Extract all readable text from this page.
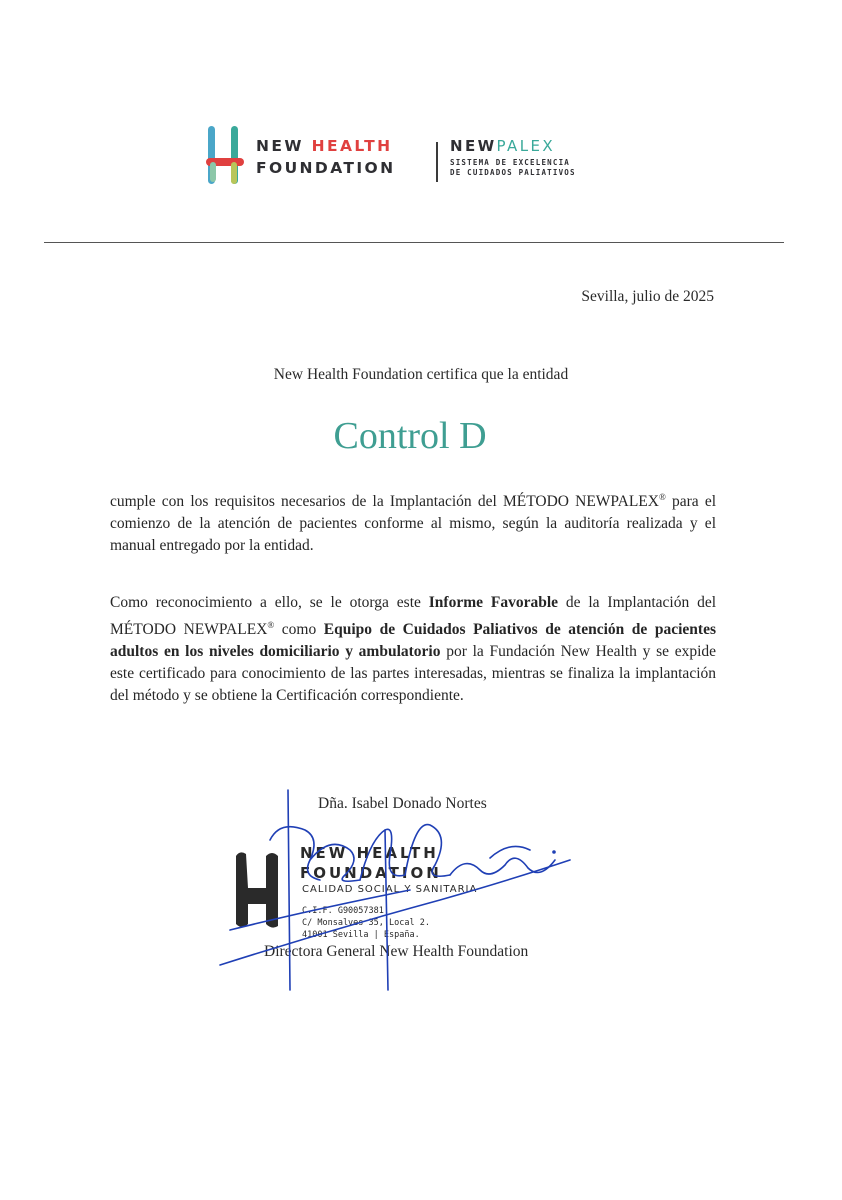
NEW HEALTH
FOUNDATION
NEWPALEX
SISTEMA DE EXCELENCIA
DE CUIDADOS PALIATIVOS
Sevilla, julio de 2025
New Health Foundation certifica que la entidad
Control D
cumple con los requisitos necesarios de la Implantación del MÉTODO NEWPALEX® para el comienzo de la atención de pacientes conforme al mismo, según la auditoría realizada y el manual entregado por la entidad.
Como reconocimiento a ello, se le otorga este Informe Favorable de la Implantación del MÉTODO NEWPALEX® como Equipo de Cuidados Paliativos de atención de pacientes adultos en los niveles domiciliario y ambulatorio por la Fundación New Health y se expide este certificado para conocimiento de las partes interesadas, mientras se finaliza la implantación del método y se obtiene la Certificación correspondiente.
Dña. Isabel Donado Nortes
NEW HEALTH
FOUNDATION
CALIDAD SOCIAL Y SANITARIA
C.I.F. G90057381
C/ Monsalves 35, Local 2.
41001 Sevilla | España.
Directora General New Health Foundation
